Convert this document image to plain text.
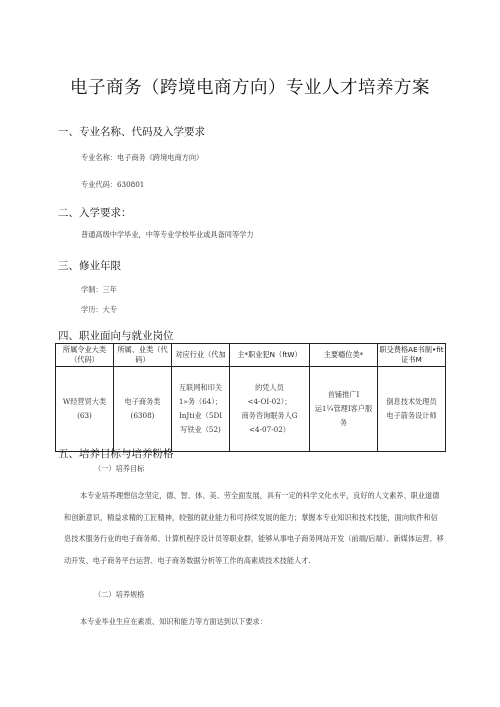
电子商务（跨境电商方向）专业人才培养方案
一、专业名称、代码及入学要求
专业名称：电子商务《跨境电商方向）
专业代码：630801
二、入学要求：
普通高级中学毕业，中等专业学校毕业或具备同等学力
三、修业年限
学制：三年
学历：大专
四、职业面向与就业岗位
所属令业大类
（代码）	所属、业类（代
码）	对应行业（代加	主*职业犯N（ftW）	主要瘾位类*	职殳费格AE书制•fit
证书M

W经营贸大类
(63)	电子商务类
(6308)	互联网和印关
1»务（64）；
InJti业（5DI
写铁业（52)	的凭人员
<4-OI-02）；
商务咨询眠务人G
<4-07-02）	首铺推广I
运1¼管理I客户服
务	倒息技术处理员
电子箭务设计师
五、培养目标与培养粉格
（一）培养目标

本专业培养理想信念坚定，德、智、体、美、劳全面发展，具有一定的科学文化水平，良好的人文素养、职业道德和创新意识，精益求精的工匠精神，较强的就业能力和可持续发展的能力；掌握本专业知识和技术技能，面向软件和信息技术服务行业的电子商务师、计算机程序设计员等职业群，能够从事电子商务网站开发（前端/后端）、新媒体运营、移动开发、电子商务平台运营、电子商务数据分析等工作的高素质技术技能人才.

（二）培养规格
本专业毕业生应在素质、知识和能力等方面达到以下要求：
